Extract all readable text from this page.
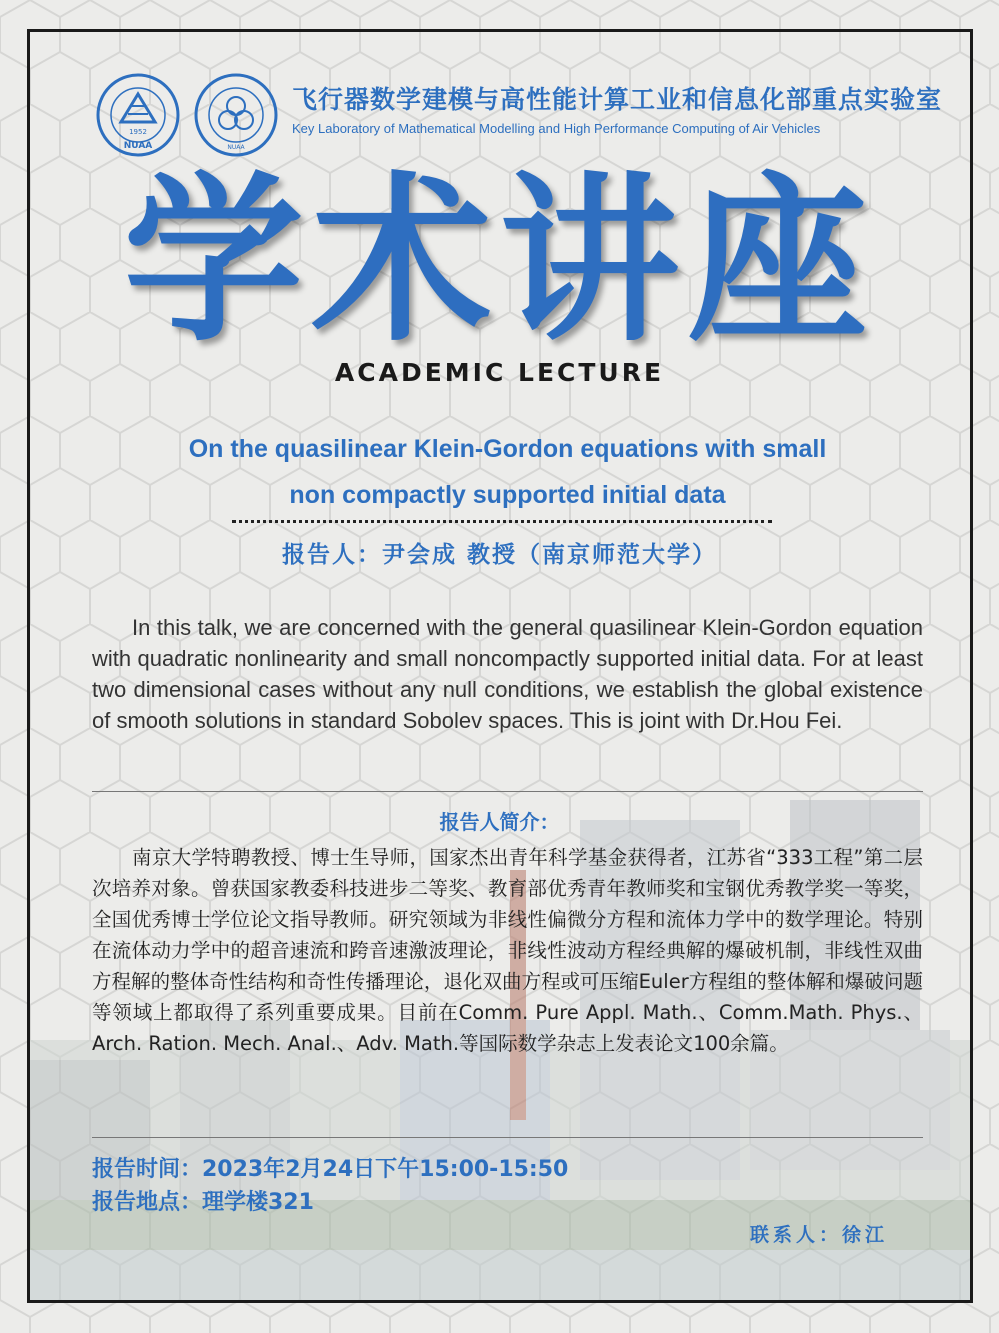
1952
NUAA	NUAA
飞行器数学建模与高性能计算工业和信息化部重点实验室
Key Laboratory of Mathematical Modelling and High Performance Computing of Air Vehicles
学术讲座
ACADEMIC LECTURE
On the quasilinear Klein-Gordon equations with small
non compactly supported initial data
报告人：尹会成 教授（南京师范大学）
In this talk, we are concerned with the general quasilinear Klein-Gordon equation with quadratic nonlinearity and small noncompactly supported initial data. For at least two dimensional cases without any null conditions, we establish the global existence of smooth solutions in standard Sobolev spaces. This is joint with Dr.Hou Fei.
报告人简介：
南京大学特聘教授、博士生导师，国家杰出青年科学基金获得者，江苏省“333工程”第二层次培养对象。曾获国家教委科技进步二等奖、教育部优秀青年教师奖和宝钢优秀教学奖一等奖，全国优秀博士学位论文指导教师。研究领域为非线性偏微分方程和流体力学中的数学理论。特别在流体动力学中的超音速流和跨音速激波理论，非线性波动方程经典解的爆破机制，非线性双曲方程解的整体奇性结构和奇性传播理论，退化双曲方程或可压缩Euler方程组的整体解和爆破问题等领域上都取得了系列重要成果。目前在Comm. Pure Appl. Math.、Comm.Math. Phys.、Arch. Ration. Mech. Anal.、Adv. Math.等国际数学杂志上发表论文100余篇。
报告时间：2023年2月24日下午15:00-15:50
报告地点：理学楼321
联系人：徐江
